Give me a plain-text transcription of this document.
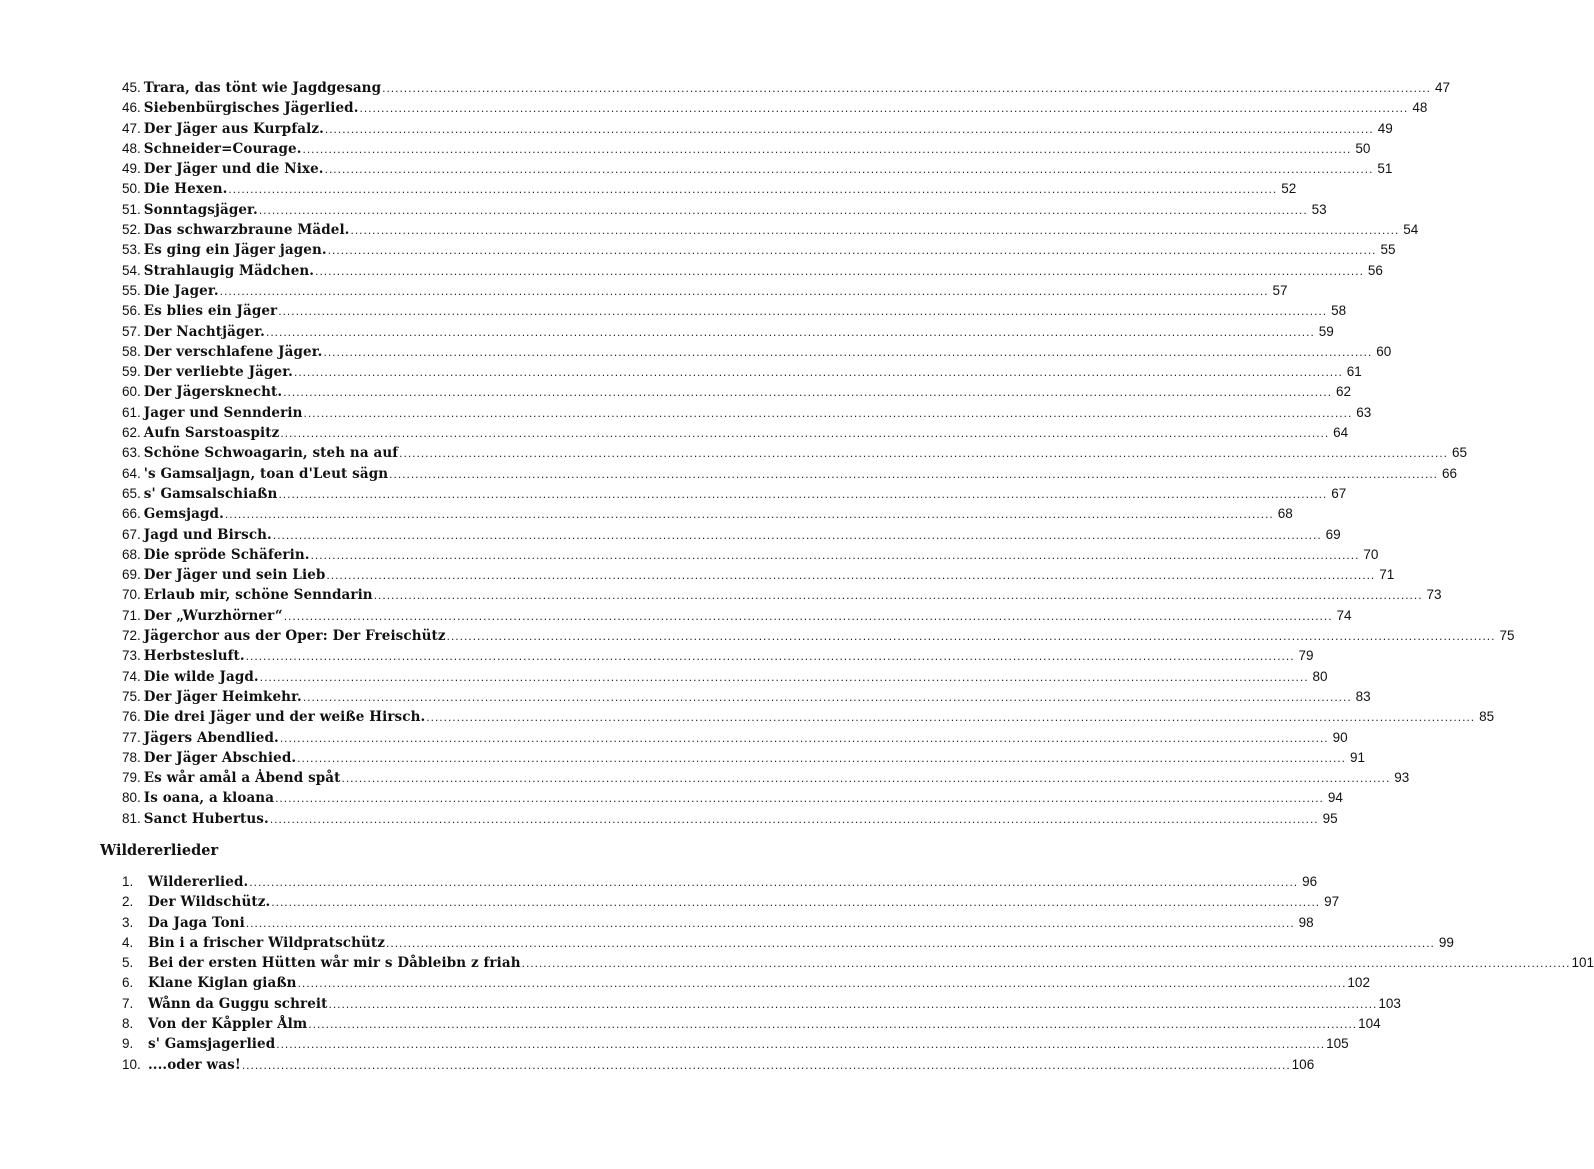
45. Trara, das tönt wie Jagdgesang .....	47
46. Siebenbürgisches Jägerlied. .....	48
47. Der Jäger aus Kurpfalz. .....	49
48. Schneider=Courage. .....	50
49. Der Jäger und die Nixe. .....	51
50. Die Hexen. .....	52
51. Sonntagsjäger. .....	53
52. Das schwarzbraune Mädel. .....	54
53. Es ging ein Jäger jagen. .....	55
54. Strahlaugig Mädchen. .....	56
55. Die Jager. .....	57
56. Es blies ein Jäger .....	58
57. Der Nachtjäger. .....	59
58. Der verschlafene Jäger. .....	60
59. Der verliebte Jäger. .....	61
60. Der Jägersknecht. .....	62
61. Jager und Sennderin .....	63
62. Aufn Sarstoaspitz .....	64
63. Schöne Schwoagarin, steh na auf .....	65
64. 's Gamsaljagn, toan d'Leut sägn .....	66
65. s' Gamsalschiaßn .....	67
66. Gemsjagd. .....	68
67. Jagd und Birsch. .....	69
68. Die spröde Schäferin. .....	70
69. Der Jäger und sein Lieb .....	71
70. Erlaub mir, schöne Senndarin .....	73
71. Der „Wurzhörner“ .....	74
72. Jägerchor aus der Oper: Der Freischütz .....	75
73. Herbstesluft. .....	79
74. Die wilde Jagd. .....	80
75. Der Jäger Heimkehr. .....	83
76. Die drei Jäger und der weiße Hirsch. .....	85
77. Jägers Abendlied. .....	90
78. Der Jäger Abschied. .....	91
79. Es wår amål a Ȧbend spåt .....	93
80. Is oana, a kloana .....	94
81. Sanct Hubertus. .....	95
Wildererlieder
1.	Wildererlied. .....	96
2.	Der Wildschütz. .....	97
3.	Da Jaga Toni .....	98
4.	Bin i a frischer Wildpratschütz .....	99
5.	Bei der ersten Hütten wår mir s Dåbleibn z friah .....	101
6.	Klane Kiglan giaßn .....	102
7.	Wånn da Guggu schreit .....	103
8.	Von der Kåppler Ålm .....	104
9.	s' Gamsjagerlied .....	105
10. ....oder was! .....	106
